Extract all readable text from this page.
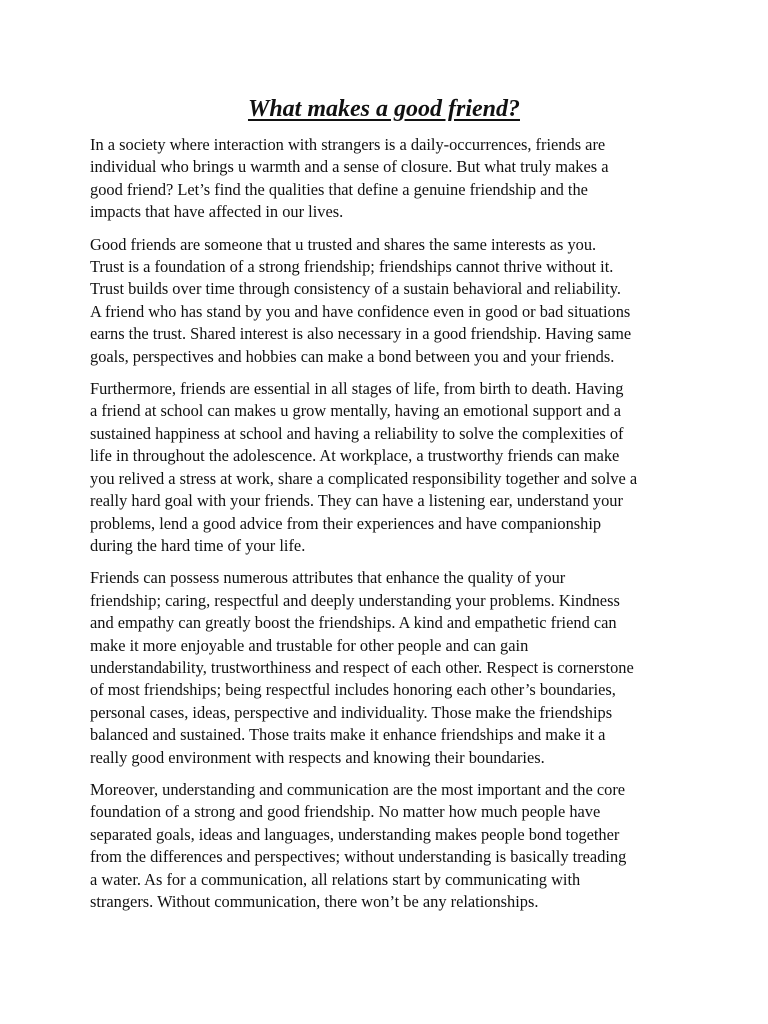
What makes a good friend?

In a society where interaction with strangers is a daily-occurrences, friends are
individual who brings u warmth and a sense of closure. But what truly makes a
good friend? Let’s find the qualities that define a genuine friendship and the
impacts that have affected in our lives.

Good friends are someone that u trusted and shares the same interests as you.
Trust is a foundation of a strong friendship; friendships cannot thrive without it.
Trust builds over time through consistency of a sustain behavioral and reliability.
A friend who has stand by you and have confidence even in good or bad situations
earns the trust. Shared interest is also necessary in a good friendship. Having same
goals, perspectives and hobbies can make a bond between you and your friends.

Furthermore, friends are essential in all stages of life, from birth to death. Having
a friend at school can makes u grow mentally, having an emotional support and a
sustained happiness at school and having a reliability to solve the complexities of
life in throughout the adolescence. At workplace, a trustworthy friends can make
you relived a stress at work, share a complicated responsibility together and solve a
really hard goal with your friends. They can have a listening ear, understand your
problems, lend a good advice from their experiences and have companionship
during the hard time of your life.

Friends can possess numerous attributes that enhance the quality of your
friendship; caring, respectful and deeply understanding your problems. Kindness
and empathy can greatly boost the friendships. A kind and empathetic friend can
make it more enjoyable and trustable for other people and can gain
understandability, trustworthiness and respect of each other. Respect is cornerstone
of most friendships; being respectful includes honoring each other’s boundaries,
personal cases, ideas, perspective and individuality. Those make the friendships
balanced and sustained. Those traits make it enhance friendships and make it a
really good environment with respects and knowing their boundaries.

Moreover, understanding and communication are the most important and the core
foundation of a strong and good friendship. No matter how much people have
separated goals, ideas and languages, understanding makes people bond together
from the differences and perspectives; without understanding is basically treading
a water. As for a communication, all relations start by communicating with
strangers. Without communication, there won’t be any relationships.
